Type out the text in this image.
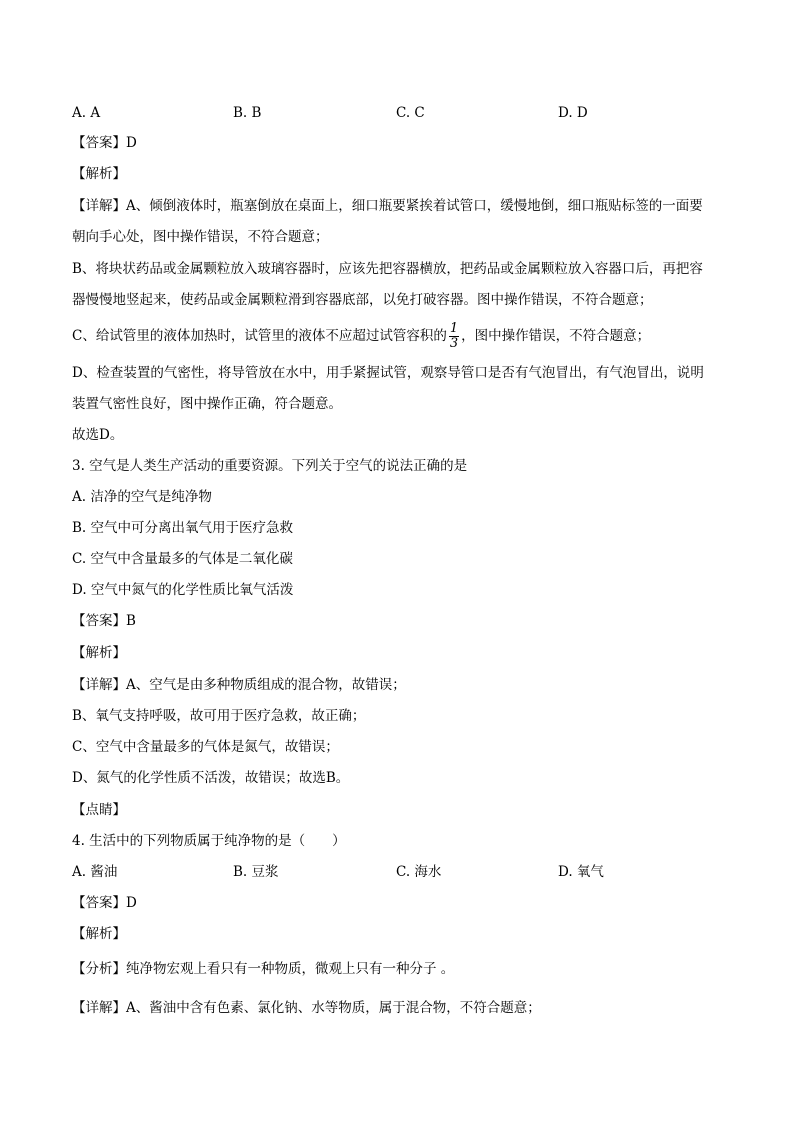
A. A	B. B	C. C	D. D
【答案】D
【解析】
【详解】A、倾倒液体时，瓶塞倒放在桌面上，细口瓶要紧挨着试管口，缓慢地倒，细口瓶贴标签的一面要
朝向手心处，图中操作错误，不符合题意；
B、将块状药品或金属颗粒放入玻璃容器时，应该先把容器横放，把药品或金属颗粒放入容器口后，再把容
器慢慢地竖起来，使药品或金属颗粒滑到容器底部，以免打破容器。图中操作错误，不符合题意；
C、给试管里的液体加热时，试管里的液体不应超过试管容积的 $\frac{1}{3}$ ，图中操作错误，不符合题意；
D、检查装置的气密性，将导管放在水中，用手紧握试管，观察导管口是否有气泡冒出，有气泡冒出，说明
装置气密性良好，图中操作正确，符合题意。
故选D。
3. 空气是人类生产活动的重要资源。下列关于空气的说法正确的是
A. 洁净的空气是纯净物
B. 空气中可分离出氧气用于医疗急救
C. 空气中含量最多的气体是二氧化碳
D. 空气中氮气的化学性质比氧气活泼
【答案】B
【解析】
【详解】A、空气是由多种物质组成的混合物，故错误；
B、氧气支持呼吸，故可用于医疗急救，故正确；
C、空气中含量最多的气体是氮气，故错误；
D、氮气的化学性质不活泼，故错误；故选B。
【点睛】
4. 生活中的下列物质属于纯净物的是（　　）
A. 酱油	B. 豆浆	C. 海水	D. 氧气
【答案】D
【解析】
【分析】纯净物宏观上看只有一种物质，微观上只有一种分子 。
【详解】A、酱油中含有色素、氯化钠、水等物质，属于混合物，不符合题意；
